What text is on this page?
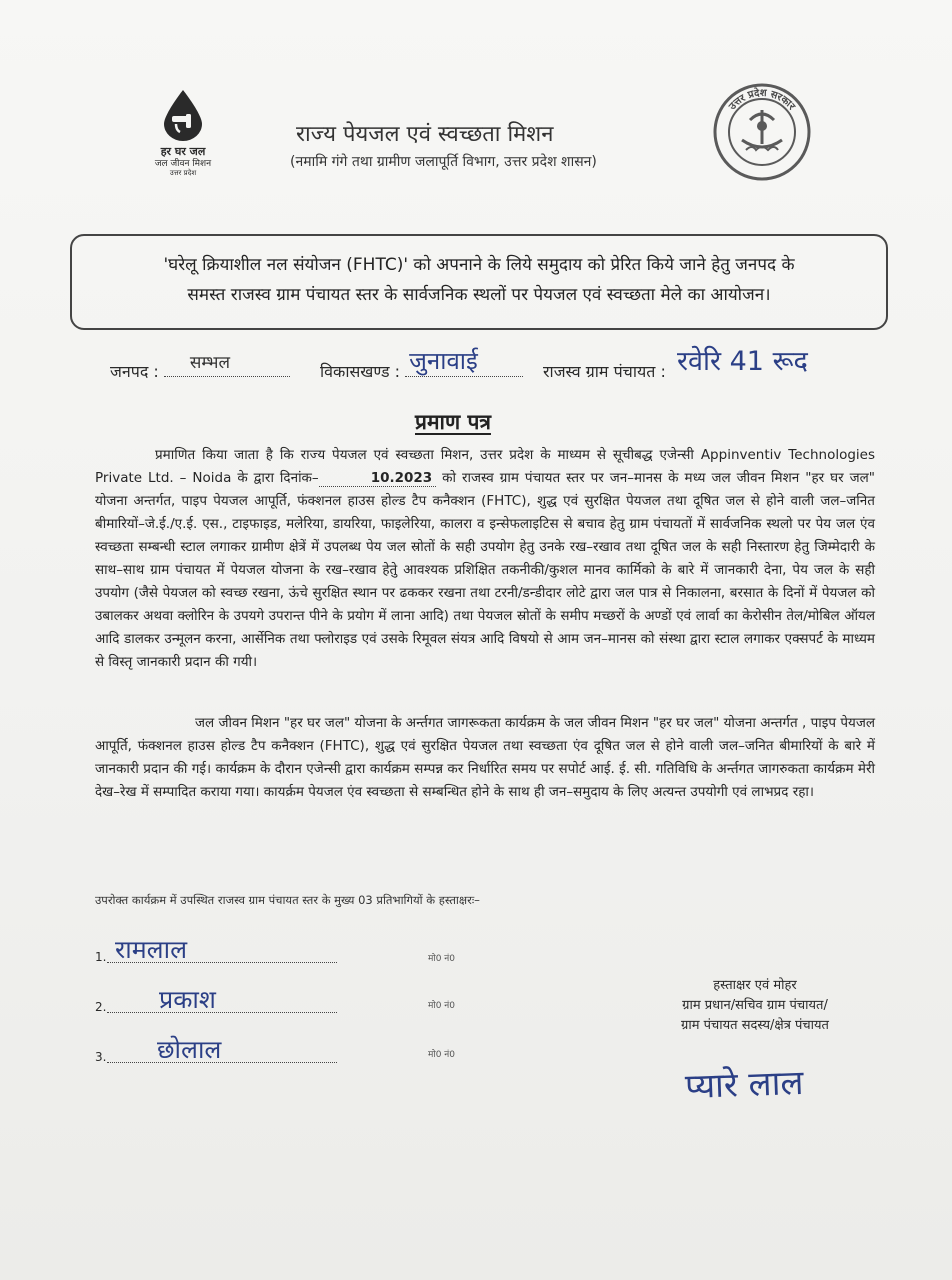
हर घर जल
जल जीवन मिशन
उत्तर प्रदेश
उत्तर प्रदेश सरकार
राज्य पेयजल एवं स्वच्छता मिशन
(नमामि गंगे तथा ग्रामीण जलापूर्ति विभाग, उत्तर प्रदेश शासन)
'घरेलू क्रियाशील नल संयोजन (FHTC)' को अपनाने के लिये समुदाय को प्रेरित किये जाने हेतु जनपद के
समस्त राजस्व ग्राम पंचायत स्तर के सार्वजनिक स्थलों पर पेयजल एवं स्वच्छता मेले का आयोजन।
जनपद : सम्भल	विकासखण्ड : जुनावाई	राजस्व ग्राम पंचायत : रवेरि 41 रूद
प्रमाण पत्र
प्रमाणित किया जाता है कि राज्य पेयजल एवं स्वच्छता मिशन, उत्तर प्रदेश के माध्यम से सूचीबद्ध एजेन्सी Appinventiv Technologies Private Ltd. – Noida के द्वारा दिनांक–	10.2023 को राजस्व ग्राम पंचायत स्तर पर जन–मानस के मध्य जल जीवन मिशन "हर घर जल" योजना अन्तर्गत, पाइप पेयजल आपूर्ति, फंक्शनल हाउस होल्ड टैप कनैक्शन (FHTC), शुद्ध एवं सुरक्षित पेयजल तथा दूषित जल से होने वाली जल–जनित बीमारियों–जे.ई./ए.ई. एस., टाइफाइड, मलेरिया, डायरिया, फाइलेरिया, कालरा व इन्सेफलाइटिस से बचाव हेतु ग्राम पंचायतों में सार्वजनिक स्थलो पर पेय जल एंव स्वच्छता सम्बन्धी स्टाल लगाकर ग्रामीण क्षेत्रें में उपलब्ध पेय जल स्रोतों के सही उपयोग हेतु उनके रख–रखाव तथा दूषित जल के सही निस्तारण हेतु जिम्मेदारी के साथ–साथ ग्राम पंचायत में पेयजल योजना के रख–रखाव हेतुे आवश्यक प्रशिक्षित तकनीकी/कुशल मानव कार्मिको के बारे में जानकारी देना, पेय जल के सही उपयोग (जैसे पेयजल को स्वच्छ रखना, ऊंचे सुरक्षित स्थान पर ढककर रखना तथा टरनी/डन्डीदार लोटे द्वारा जल पात्र से निकालना, बरसात के दिनों में पेयजल को उबालकर अथवा क्लोरिन के उपयगे उपरान्त पीने के प्रयोग में लाना आदि) तथा पेयजल स्रोतों के समीप मच्छरों के अण्डों एवं लार्वा का केरोसीन तेल/मोबिल ऑयल आदि डालकर उन्मूलन करना, आर्सेनिक तथा फ्लोराइड एवं उसके रिमूवल संयत्र आदि विषयो से आम जन–मानस को संस्था द्वारा स्टाल लगाकर एक्सपर्ट के माध्यम से विस्तृ जानकारी प्रदान की गयी।
जल जीवन मिशन "हर घर जल" योजना के अर्न्तगत जागरूकता कार्यक्रम के जल जीवन मिशन "हर घर जल" योजना अन्तर्गत , पाइप पेयजल आपूर्ति, फंक्शनल हाउस होल्ड टैप कनैक्शन (FHTC), शुद्ध एवं सुरक्षित पेयजल तथा स्वच्छता एंव दूषित जल से होने वाली जल–जनित बीमारियों के बारे में जानकारी प्रदान की गई। कार्यक्रम के दौरान एजेन्सी द्वारा कार्यक्रम सम्पन्न कर निर्धारित समय पर सपोर्ट आई. ई. सी. गतिविधि के अर्न्तगत जागरुकता कार्यक्रम मेरी देख–रेख में सम्पादित कराया गया। कायर्क्रम पेयजल एंव स्वच्छता से सम्बन्धित होने के साथ ही जन–समुदाय के लिए अत्यन्त उपयोगी एवं लाभप्रद रहा।
उपरोक्त कार्यक्रम में उपस्थित राजस्व ग्राम पंचायत स्तर के मुख्य 03 प्रतिभागियों के हस्ताक्षरः–
1. रामलाल	मो0 नं0
2. प्रकाश	मो0 नं0
3. छोलाल	मो0 नं0
हस्ताक्षर एवं मोहर
ग्राम प्रधान/सचिव ग्राम पंचायत/
ग्राम पंचायत सदस्य/क्षेत्र पंचायत
प्यारे लाल
